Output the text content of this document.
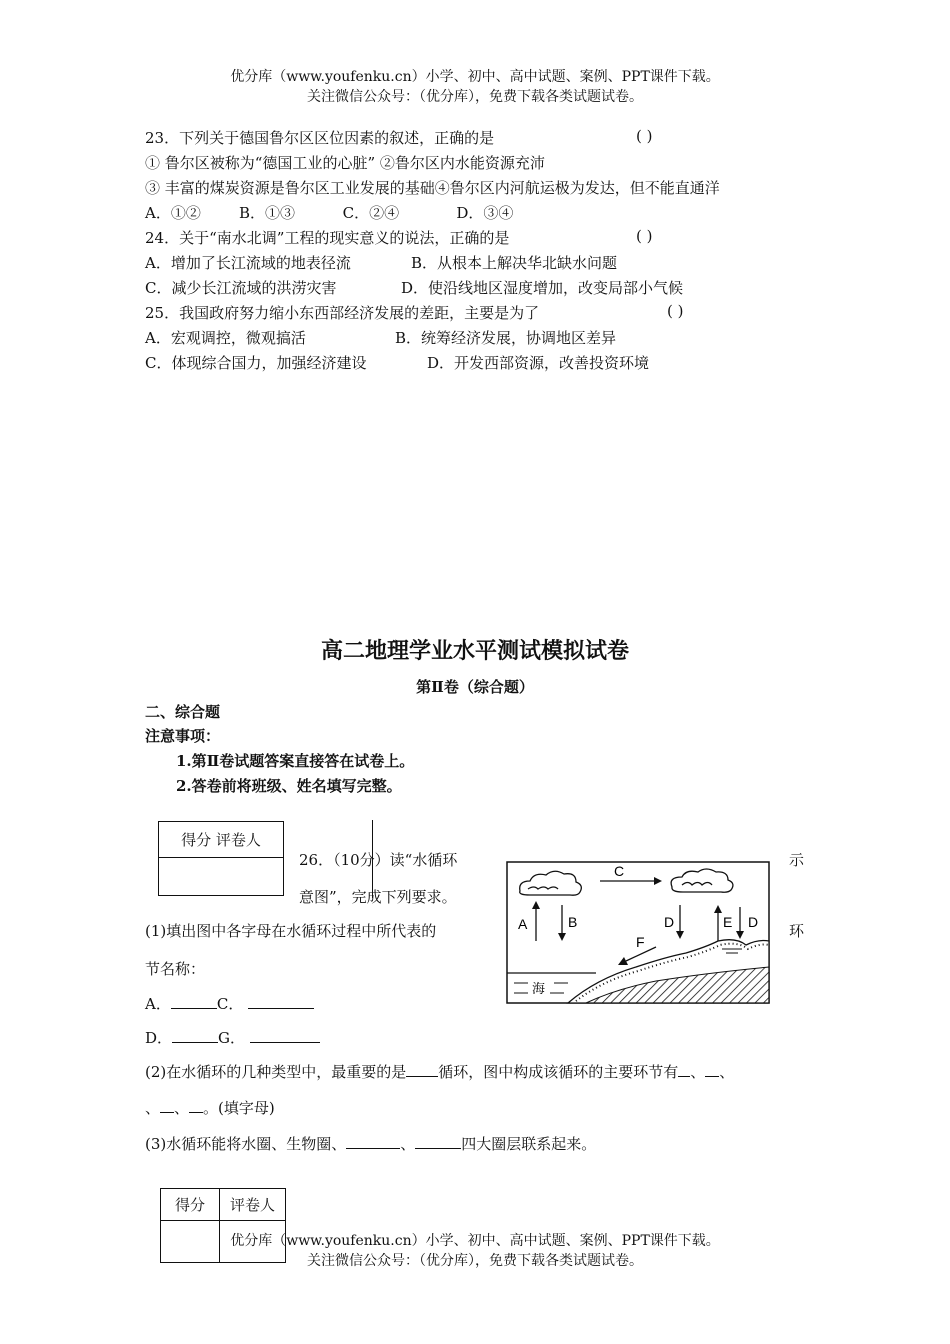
优分库（www.youfenku.cn）小学、初中、高中试题、案例、PPT课件下载。
关注微信公众号：（优分库），免费下载各类试题试卷。
23．下列关于德国鲁尔区区位因素的叙述，正确的是	( )
① 鲁尔区被称为“德国工业的心脏” ②鲁尔区内水能资源充沛
③ 丰富的煤炭资源是鲁尔区工业发展的基础④鲁尔区内河航运极为发达，但不能直通洋
A．①②        B．①③          C．②④            D．③④
24．关于“南水北调”工程的现实意义的说法，正确的是	( )
A．增加了长江流域的地表径流	B．从根本上解决华北缺水问题
C．减少长江流域的洪涝灾害	D．使沿线地区湿度增加，改变局部小气候
25．我国政府努力缩小东西部经济发展的差距，主要是为了	( )
A．宏观调控，微观搞活	B．统筹经济发展，协调地区差异
C．体现综合国力，加强经济建设	D．开发西部资源，改善投资环境
高二地理学业水平测试模拟试卷
第Ⅱ卷（综合题）
二、综合题
注意事项：
1.第Ⅱ卷试题答案直接答在试卷上。
2.答卷前将班级、姓名填写完整。
得分 评卷人

26．（10分）读“水循环	示
意图”，完成下列要求。
(1)填出图中各字母在水循环过程中所代表的	环
节名称：
A．	C．
D．	G．
(2)在水循环的几种类型中，最重要的是 循环，图中构成该循环的主要环节有 、 、
、 、 。(填字母)
(3)水循环能将水圈、生物圈、	、	四大圈层联系起来。
C
A	B	D	E D
F
海
得分	评卷人

优分库（www.youfenku.cn）小学、初中、高中试题、案例、PPT课件下载。
关注微信公众号：（优分库），免费下载各类试题试卷。
